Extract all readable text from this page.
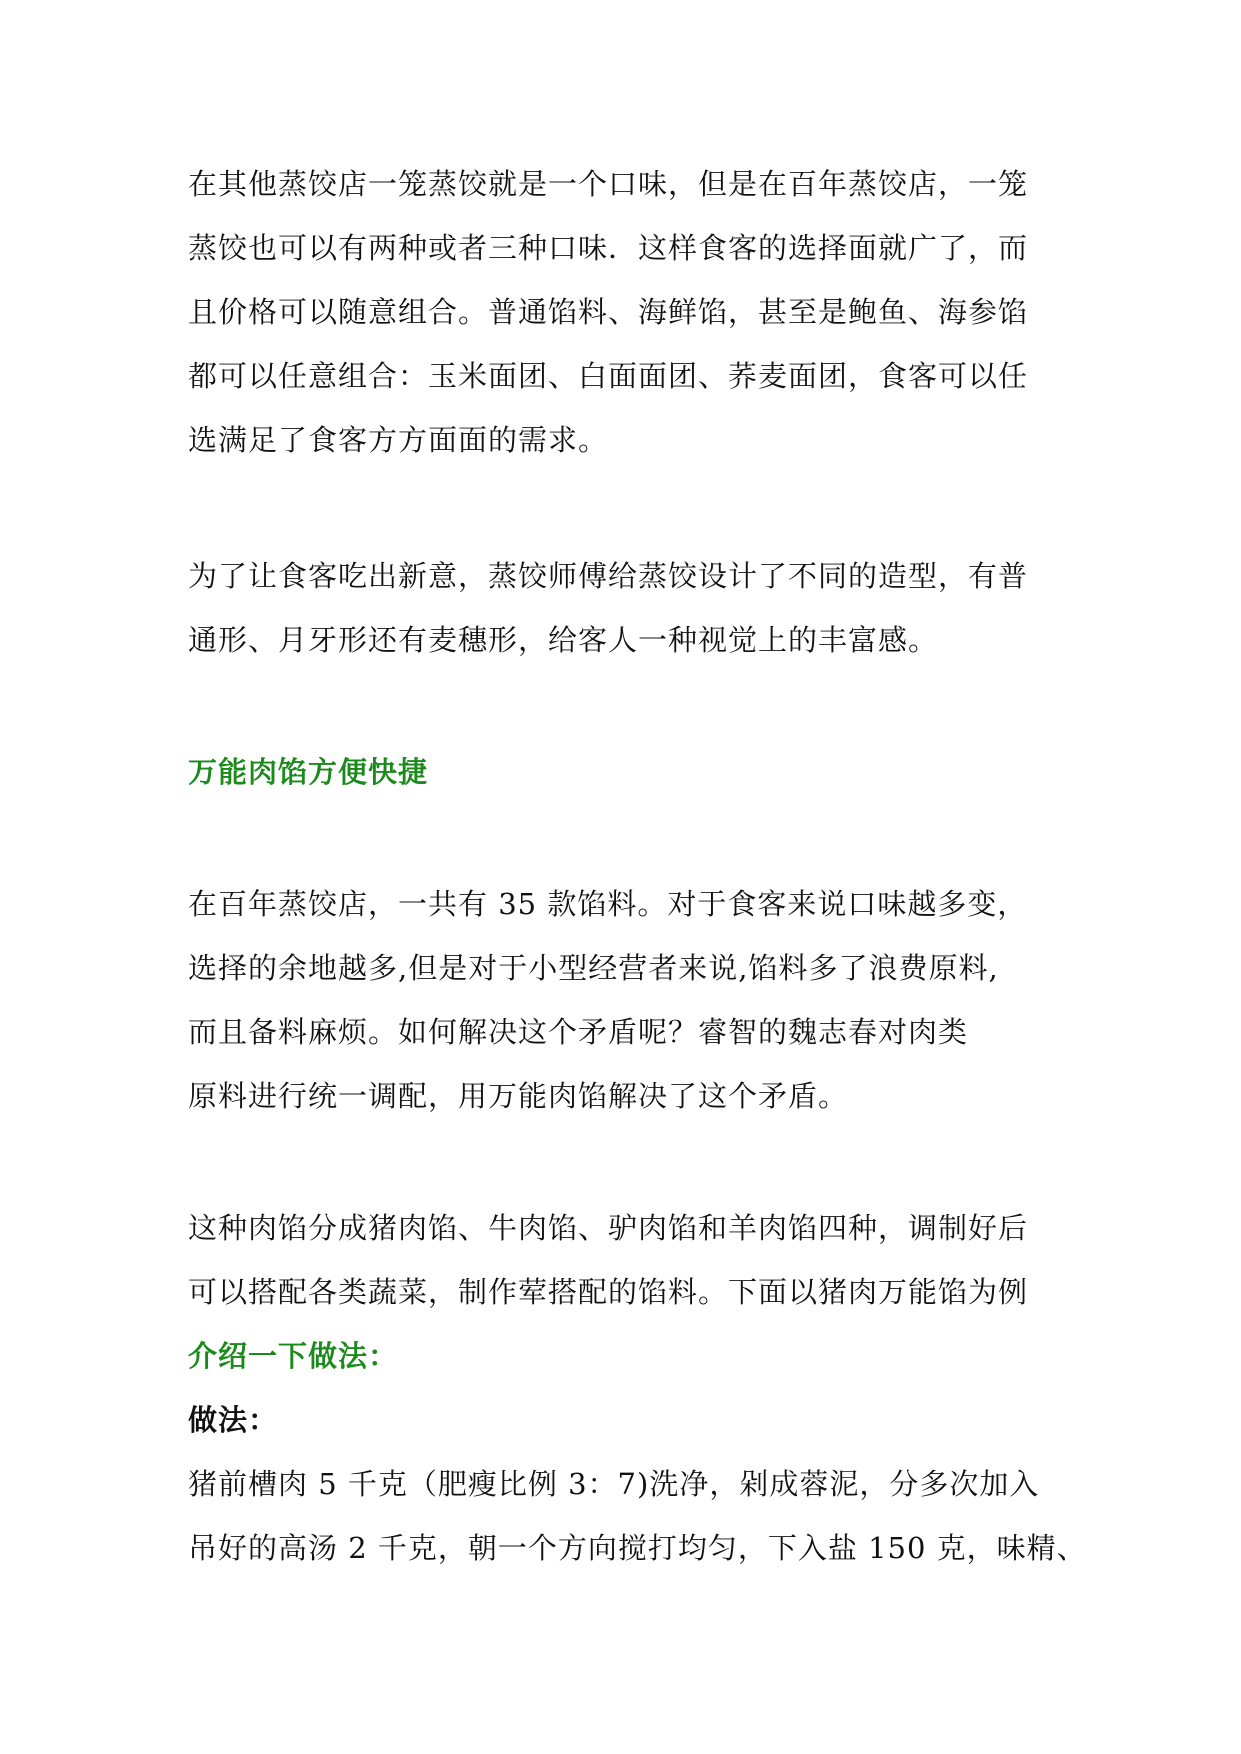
在其他蒸饺店一笼蒸饺就是一个口味，但是在百年蒸饺店，一笼
蒸饺也可以有两种或者三种口味．这样食客的选择面就广了，而
且价格可以随意组合。普通馅料、海鲜馅，甚至是鲍鱼、海参馅
都可以任意组合：玉米面团、白面面团、荞麦面团，食客可以任
选满足了食客方方面面的需求。
为了让食客吃出新意，蒸饺师傅给蒸饺设计了不同的造型，有普
通形、月牙形还有麦穗形，给客人一种视觉上的丰富感。
万能肉馅方便快捷
在百年蒸饺店，一共有 35 款馅料。对于食客来说口味越多变，
选择的余地越多,但是对于小型经营者来说,馅料多了浪费原料,
而且备料麻烦。如何解决这个矛盾呢？睿智的魏志春对肉类
原料进行统一调配，用万能肉馅解决了这个矛盾。
这种肉馅分成猪肉馅、牛肉馅、驴肉馅和羊肉馅四种，调制好后
可以搭配各类蔬菜，制作荤搭配的馅料。下面以猪肉万能馅为例
介绍一下做法：
做法：
猪前槽肉 5 千克（肥瘦比例 3：7)洗净，剁成蓉泥，分多次加入
吊好的高汤 2 千克，朝一个方向搅打均匀，下入盐 150 克，味精、
